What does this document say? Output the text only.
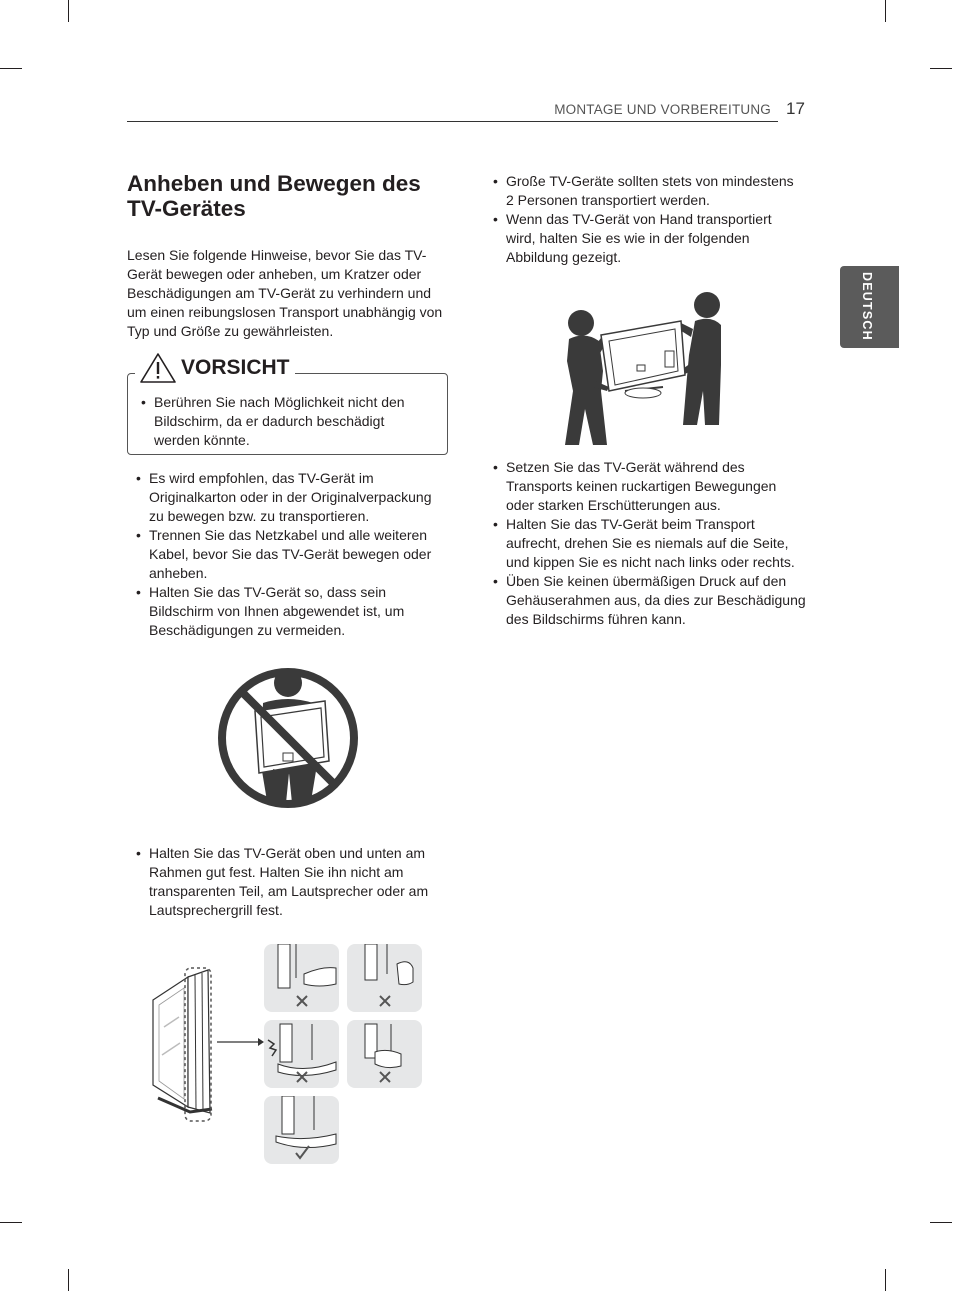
MONTAGE UND VORBEREITUNG 17
DEUTSCH
Anheben und Bewegen des TV-Gerätes

Lesen Sie folgende Hinweise, bevor Sie das TV-Gerät bewegen oder anheben, um Kratzer oder Beschädigungen am TV-Gerät zu verhindern und um einen reibungslosen Transport unabhängig von Typ und Größe zu gewährleisten.

• Berühren Sie nach Möglichkeit nicht den Bildschirm, da er dadurch beschädigt werden könnte.
VORSICHT
• Es wird empfohlen, das TV-Gerät im Originalkarton oder in der Originalverpackung zu bewegen bzw. zu transportieren.
• Trennen Sie das Netzkabel und alle weiteren Kabel, bevor Sie das TV-Gerät bewegen oder anheben.
• Halten Sie das TV-Gerät so, dass sein Bildschirm von Ihnen abgewendet ist, um Beschädigungen zu vermeiden.
• Halten Sie das TV-Gerät oben und unten am Rahmen gut fest. Halten Sie ihn nicht am transparenten Teil, am Lautsprecher oder am Lautsprechergrill fest.
• Große TV-Geräte sollten stets von mindestens 2 Personen transportiert werden.
• Wenn das TV-Gerät von Hand transportiert wird, halten Sie es wie in der folgenden Abbildung gezeigt.
• Setzen Sie das TV-Gerät während des Transports keinen ruckartigen Bewegungen oder starken Erschütterungen aus.
• Halten Sie das TV-Gerät beim Transport aufrecht, drehen Sie es niemals auf die Seite, und kippen Sie es nicht nach links oder rechts.
• Üben Sie keinen übermäßigen Druck auf den Gehäuserahmen aus, da dies zur Beschädigung des Bildschirms führen kann.
